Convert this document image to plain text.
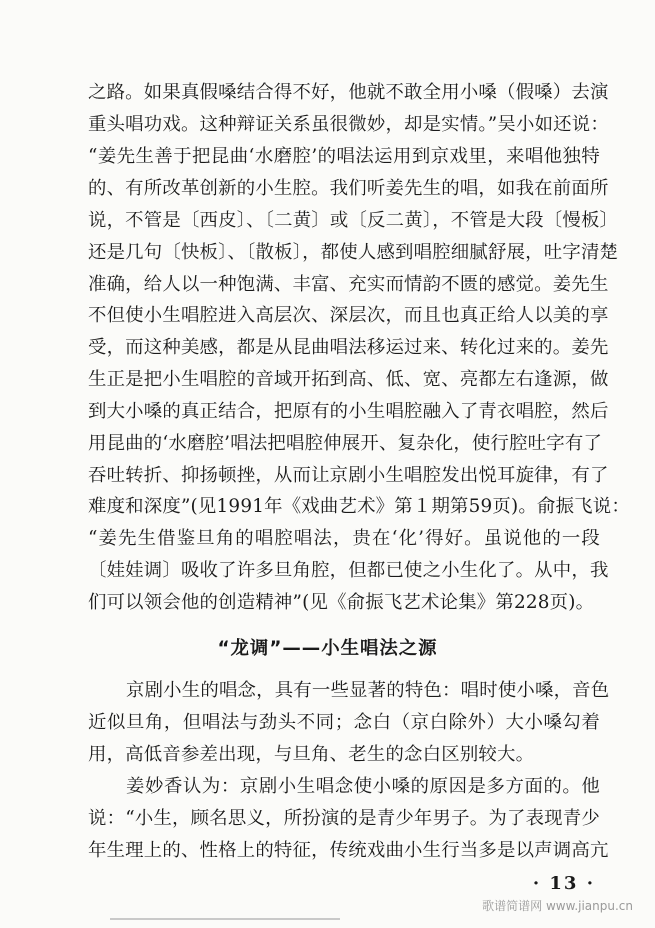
之路。如果真假嗓结合得不好，他就不敢全用小嗓（假嗓）去演
重头唱功戏。这种辩证关系虽很微妙，却是实情。”吴小如还说：
“姜先生善于把昆曲‘水磨腔’的唱法运用到京戏里，来唱他独特
的、有所改革创新的小生腔。我们听姜先生的唱，如我在前面所
说，不管是〔西皮〕、〔二黄〕或〔反二黄〕，不管是大段〔慢板〕
还是几句〔快板〕、〔散板〕，都使人感到唱腔细腻舒展，吐字清楚
准确，给人以一种饱满、丰富、充实而情韵不匮的感觉。姜先生
不但使小生唱腔进入高层次、深层次，而且也真正给人以美的享
受，而这种美感，都是从昆曲唱法移运过来、转化过来的。姜先
生正是把小生唱腔的音域开拓到高、低、宽、亮都左右逢源，做
到大小嗓的真正结合，把原有的小生唱腔融入了青衣唱腔，然后
用昆曲的‘水磨腔’唱法把唱腔伸展开、复杂化，使行腔吐字有了
吞吐转折、抑扬顿挫，从而让京剧小生唱腔发出悦耳旋律，有了
难度和深度”(见1991年《戏曲艺术》第１期第59页)。俞振飞说：
“姜先生借鉴旦角的唱腔唱法，贵在‘化’得好。虽说他的一段
〔娃娃调〕吸收了许多旦角腔，但都已使之小生化了。从中，我
们可以领会他的创造精神”(见《俞振飞艺术论集》第228页)。
“龙调”——小生唱法之源
京剧小生的唱念，具有一些显著的特色：唱时使小嗓，音色
近似旦角，但唱法与劲头不同；念白（京白除外）大小嗓勾着
用，高低音参差出现，与旦角、老生的念白区别较大。
姜妙香认为：京剧小生唱念使小嗓的原因是多方面的。他
说：“小生，顾名思义，所扮演的是青少年男子。为了表现青少
年生理上的、性格上的特征，传统戏曲小生行当多是以声调高亢
· 13 ·
歌谱简谱网 www.jianpu.cn
